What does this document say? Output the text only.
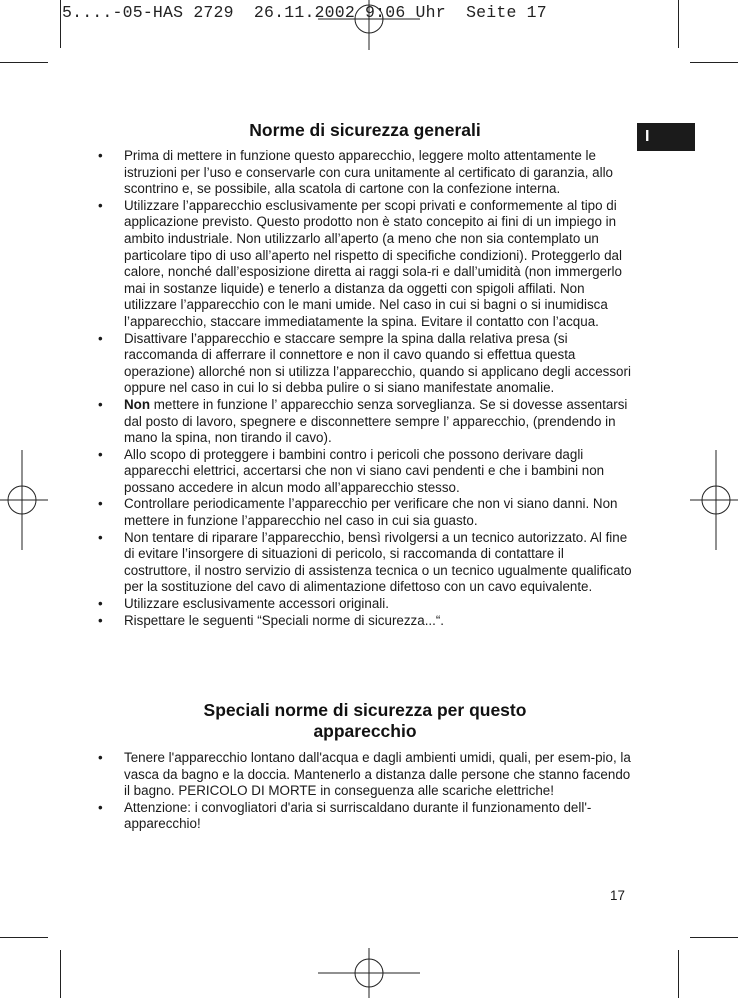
5....-05-HAS 2729  26.11.2002 9:06 Uhr  Seite 17
I
Norme di sicurezza generali
• Prima di mettere in funzione questo apparecchio, leggere molto attentamente le istruzioni per l’uso e conservarle con cura unitamente al certificato di garanzia, allo scontrino e, se possibile, alla scatola di cartone con la confezione interna.
• Utilizzare l’apparecchio esclusivamente per scopi privati e conformemente al tipo di applicazione previsto. Questo prodotto non è stato concepito ai fini di un impiego in ambito industriale. Non utilizzarlo all’aperto (a meno che non sia contemplato un particolare tipo di uso all’aperto nel rispetto di specifiche condizioni). Proteggerlo dal calore, nonché dall’esposizione diretta ai raggi sola-ri e dall’umidità (non immergerlo mai in sostanze liquide) e tenerlo a distanza da oggetti con spigoli affilati. Non utilizzare l’apparecchio con le mani umide. Nel caso in cui si bagni o si inumidisca l’apparecchio, staccare immediatamente la spina. Evitare il contatto con l’acqua.
• Disattivare l’apparecchio e staccare sempre la spina dalla relativa presa (si raccomanda di afferrare il connettore e non il cavo quando si effettua questa operazione) allorché non si utilizza l’apparecchio, quando si applicano degli accessori oppure nel caso in cui lo si debba pulire o si siano manifestate anomalie.
• Non mettere in funzione l’ apparecchio senza sorveglianza. Se si dovesse assentarsi dal posto di lavoro, spegnere e disconnettere sempre l’ apparecchio, (prendendo in mano la spina, non tirando il cavo).
• Allo scopo di proteggere i bambini contro i pericoli che possono derivare dagli apparecchi elettrici, accertarsi che non vi siano cavi pendenti e che i bambini non possano accedere in alcun modo all’apparecchio stesso.
• Controllare periodicamente l’apparecchio per verificare che non vi siano danni. Non mettere in funzione l’apparecchio nel caso in cui sia guasto.
• Non tentare di riparare l’apparecchio, bensì rivolgersi a un tecnico autorizzato. Al fine di evitare l’insorgere di situazioni di pericolo, si raccomanda di contattare il costruttore, il nostro servizio di assistenza tecnica o un tecnico ugualmente qualificato per la sostituzione del cavo di alimentazione difettoso con un cavo equivalente.
• Utilizzare esclusivamente accessori originali.
• Rispettare le seguenti “Speciali norme di sicurezza...“.
Speciali norme di sicurezza per questo
apparecchio
• Tenere l'apparecchio lontano dall'acqua e dagli ambienti umidi, quali, per esem-pio, la vasca da bagno e la doccia. Mantenerlo a distanza dalle persone che stanno facendo il bagno. PERICOLO DI MORTE in conseguenza alle scariche elettriche!
• Attenzione: i convogliatori d'aria si surriscaldano durante il funzionamento dell'-apparecchio!
17
